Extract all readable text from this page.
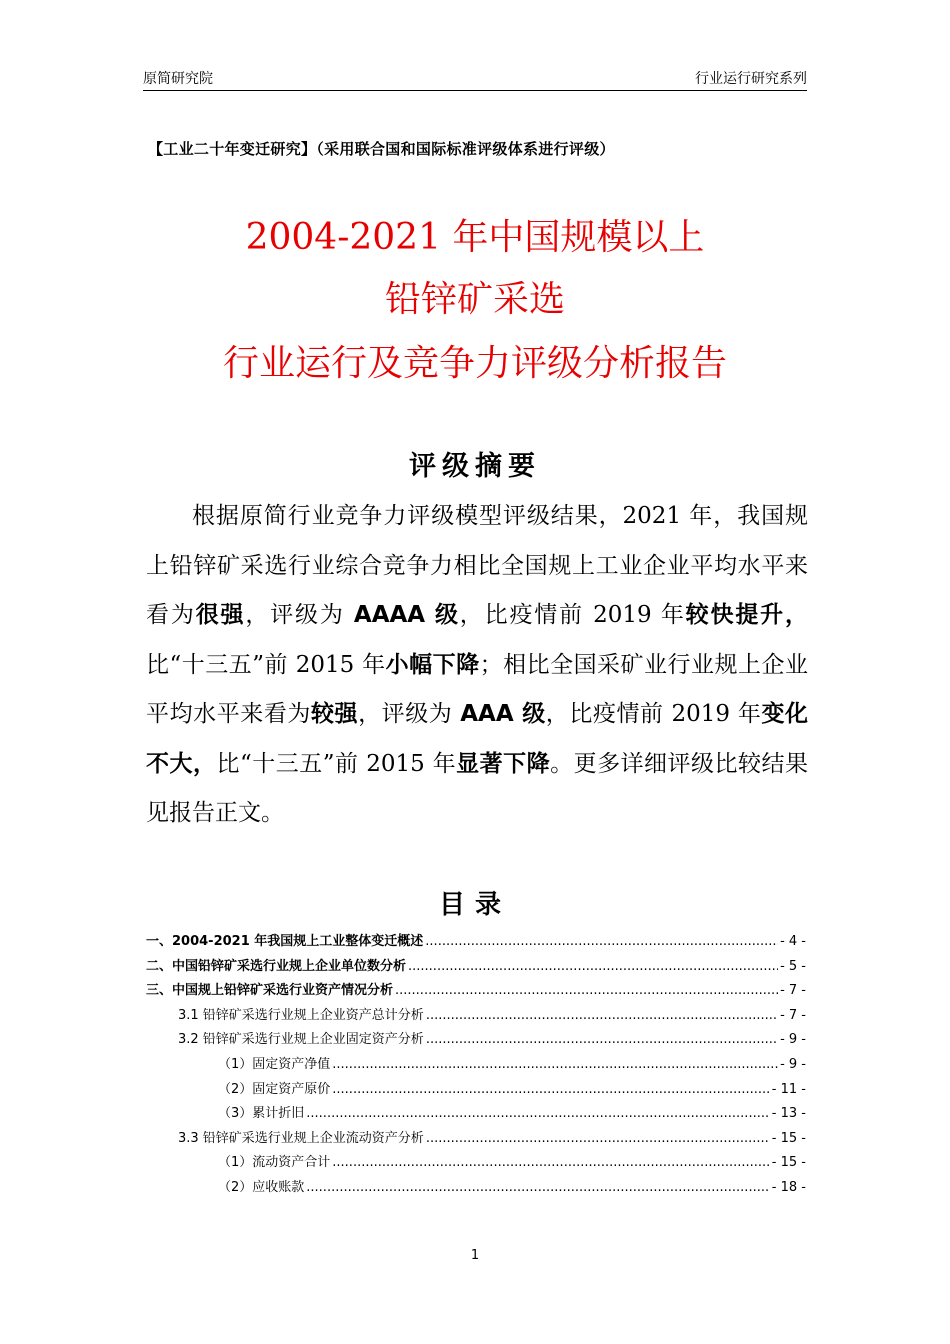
原简研究院	行业运行研究系列
【工业二十年变迁研究】（采用联合国和国际标准评级体系进行评级）
2004-2021 年中国规模以上
铅锌矿采选
行业运行及竞争力评级分析报告
评级摘要

根据原简行业竞争力评级模型评级结果，2021 年，我国规上铅锌矿采选行业综合竞争力相比全国规上工业企业平均水平来看为很强，评级为 AAAA 级，比疫情前 2019 年较快提升，比“十三五”前 2015 年小幅下降；相比全国采矿业行业规上企业平均水平来看为较强，评级为 AAA 级，比疫情前 2019 年变化不大，比“十三五”前 2015 年显著下降。更多详细评级比较结果见报告正文。

目录
一、2004-2021 年我国规上工业整体变迁概述 .....	- 4 -
二、中国铅锌矿采选行业规上企业单位数分析 .....	- 5 -
三、中国规上铅锌矿采选行业资产情况分析 .....	- 7 -
3.1 铅锌矿采选行业规上企业资产总计分析 .....	- 7 -
3.2 铅锌矿采选行业规上企业固定资产分析 .....	- 9 -
（1）固定资产净值 .....	- 9 -
（2）固定资产原价 .....	- 11 -
（3）累计折旧 .....	- 13 -
3.3 铅锌矿采选行业规上企业流动资产分析 .....	- 15 -
（1）流动资产合计 .....	- 15 -
（2）应收账款 .....	- 18 -
1
